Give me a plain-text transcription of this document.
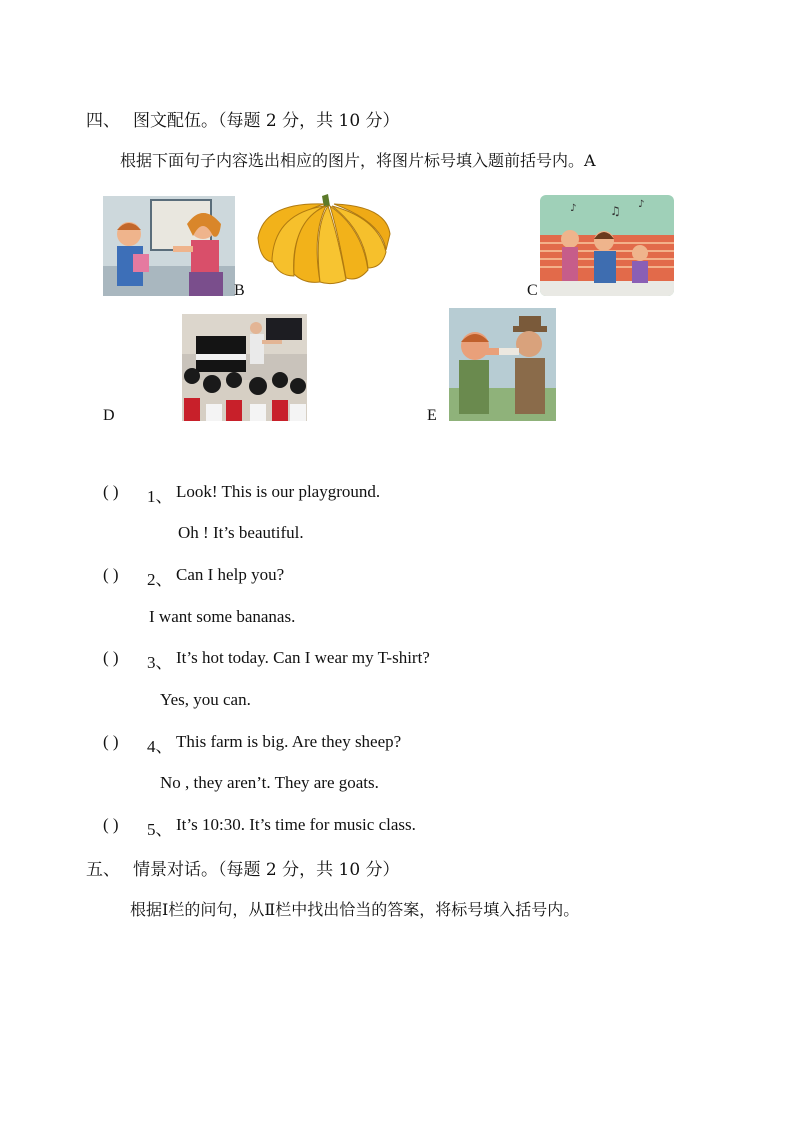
四、 图文配伍。（每题 2 分，共 10 分）
根据下面句子内容选出相应的图片，将图片标号填入题前括号内。A
B	C
♪	♫ ♪
D	E
( ) 1、 Look! This is our playground.
Oh ! It’s beautiful.
( ) 2、 Can I help you?
I want some bananas.
( ) 3、 It’s hot today. Can I wear my T-shirt?
Yes, you can.
( ) 4、 This farm is big. Are they sheep?
No , they aren’t. They are goats.
( ) 5、 It’s 10:30. It’s time for music class.
五、 情景对话。（每题 2 分，共 10 分）
根据Ⅰ栏的问句，从Ⅱ栏中找出恰当的答案，将标号填入括号内。
